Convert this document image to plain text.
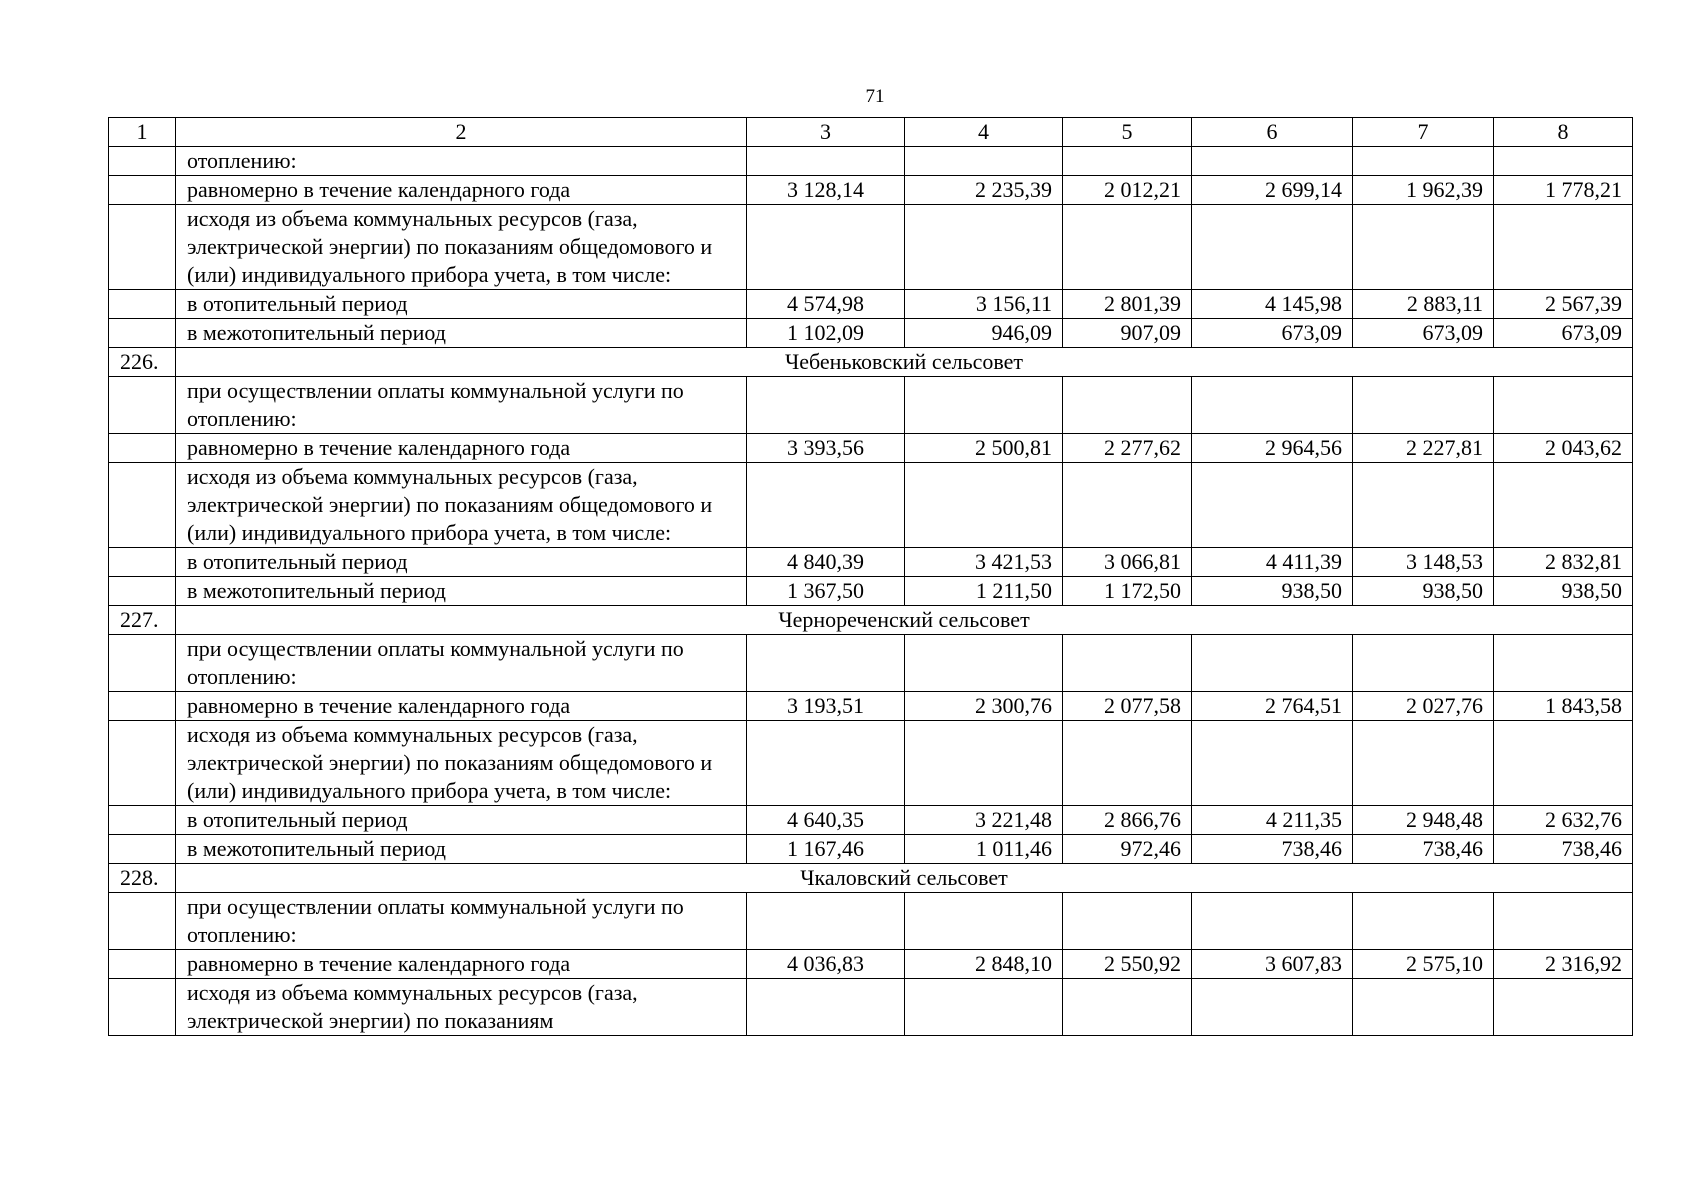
71
1	2	3	4	5	6	7	8
	отоплению:						
	равномерно в течение календарного года	3 128,14	2 235,39	2 012,21	2 699,14	1 962,39	1 778,21
	исходя из объема коммунальных ресурсов (газа, электрической энергии) по показаниям общедомового и (или) индивидуального прибора учета, в том числе:						
	в отопительный период	4 574,98	3 156,11	2 801,39	4 145,98	2 883,11	2 567,39
	в межотопительный период	1 102,09	946,09	907,09	673,09	673,09	673,09
226.	Чебеньковский сельсовет						
	при осуществлении оплаты коммунальной услуги по отоплению:						
	равномерно в течение календарного года	3 393,56	2 500,81	2 277,62	2 964,56	2 227,81	2 043,62
	исходя из объема коммунальных ресурсов (газа, электрической энергии) по показаниям общедомового и (или) индивидуального прибора учета, в том числе:						
	в отопительный период	4 840,39	3 421,53	3 066,81	4 411,39	3 148,53	2 832,81
	в межотопительный период	1 367,50	1 211,50	1 172,50	938,50	938,50	938,50
227.	Чернореченский сельсовет						
	при осуществлении оплаты коммунальной услуги по отоплению:						
	равномерно в течение календарного года	3 193,51	2 300,76	2 077,58	2 764,51	2 027,76	1 843,58
	исходя из объема коммунальных ресурсов (газа, электрической энергии) по показаниям общедомового и (или) индивидуального прибора учета, в том числе:						
	в отопительный период	4 640,35	3 221,48	2 866,76	4 211,35	2 948,48	2 632,76
	в межотопительный период	1 167,46	1 011,46	972,46	738,46	738,46	738,46
228.	Чкаловский сельсовет						
	при осуществлении оплаты коммунальной услуги по отоплению:						
	равномерно в течение календарного года	4 036,83	2 848,10	2 550,92	3 607,83	2 575,10	2 316,92
	исходя из объема коммунальных ресурсов (газа, электрической энергии) по показаниям						
